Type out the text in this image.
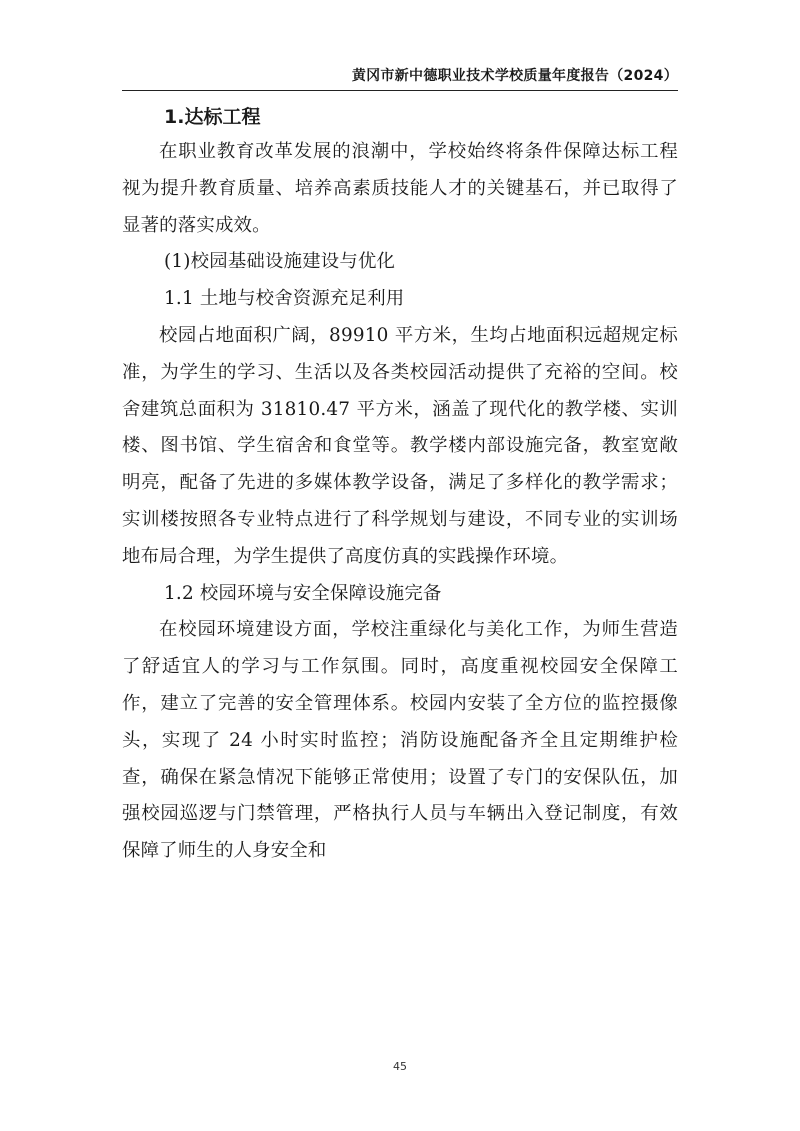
黄冈市新中德职业技术学校质量年度报告（2024）
1.达标工程

在职业教育改革发展的浪潮中，学校始终将条件保障达标工程视为提升教育质量、培养高素质技能人才的关键基石，并已取得了显著的落实成效。

(1)校园基础设施建设与优化

1.1 土地与校舍资源充足利用

校园占地面积广阔，89910 平方米，生均占地面积远超规定标准，为学生的学习、生活以及各类校园活动提供了充裕的空间。校舍建筑总面积为 31810.47 平方米，涵盖了现代化的教学楼、实训楼、图书馆、学生宿舍和食堂等。教学楼内部设施完备，教室宽敞明亮，配备了先进的多媒体教学设备，满足了多样化的教学需求；实训楼按照各专业特点进行了科学规划与建设，不同专业的实训场地布局合理，为学生提供了高度仿真的实践操作环境。

1.2 校园环境与安全保障设施完备

在校园环境建设方面，学校注重绿化与美化工作，为师生营造了舒适宜人的学习与工作氛围。同时，高度重视校园安全保障工作，建立了完善的安全管理体系。校园内安装了全方位的监控摄像头，实现了 24 小时实时监控；消防设施配备齐全且定期维护检查，确保在紧急情况下能够正常使用；设置了专门的安保队伍，加强校园巡逻与门禁管理，严格执行人员与车辆出入登记制度，有效保障了师生的人身安全和

45
